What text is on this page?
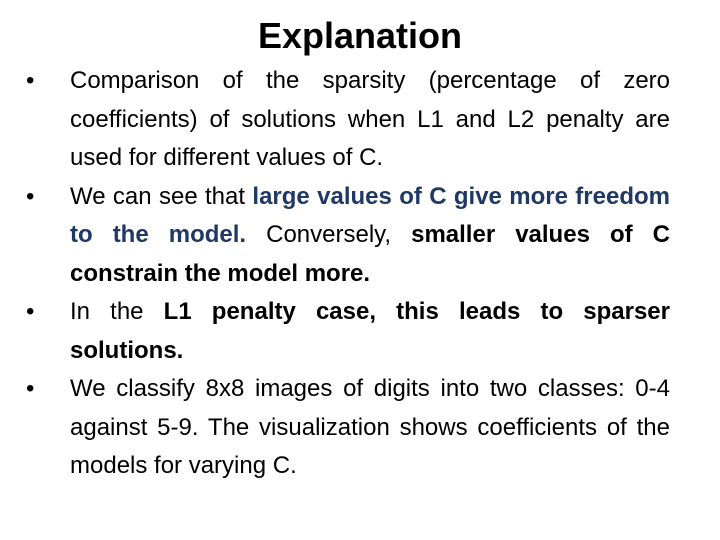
Explanation
•	Comparison of the sparsity (percentage of zero coefficients) of solutions when L1 and L2 penalty are used for different values of C.
•	We can see that large values of C give more freedom to the model. Conversely, smaller values of C constrain the model more.
•	In the L1 penalty case, this leads to sparser solutions.
•	We classify 8x8 images of digits into two classes: 0-4 against 5-9. The visualization shows coefficients of the models for varying C.
